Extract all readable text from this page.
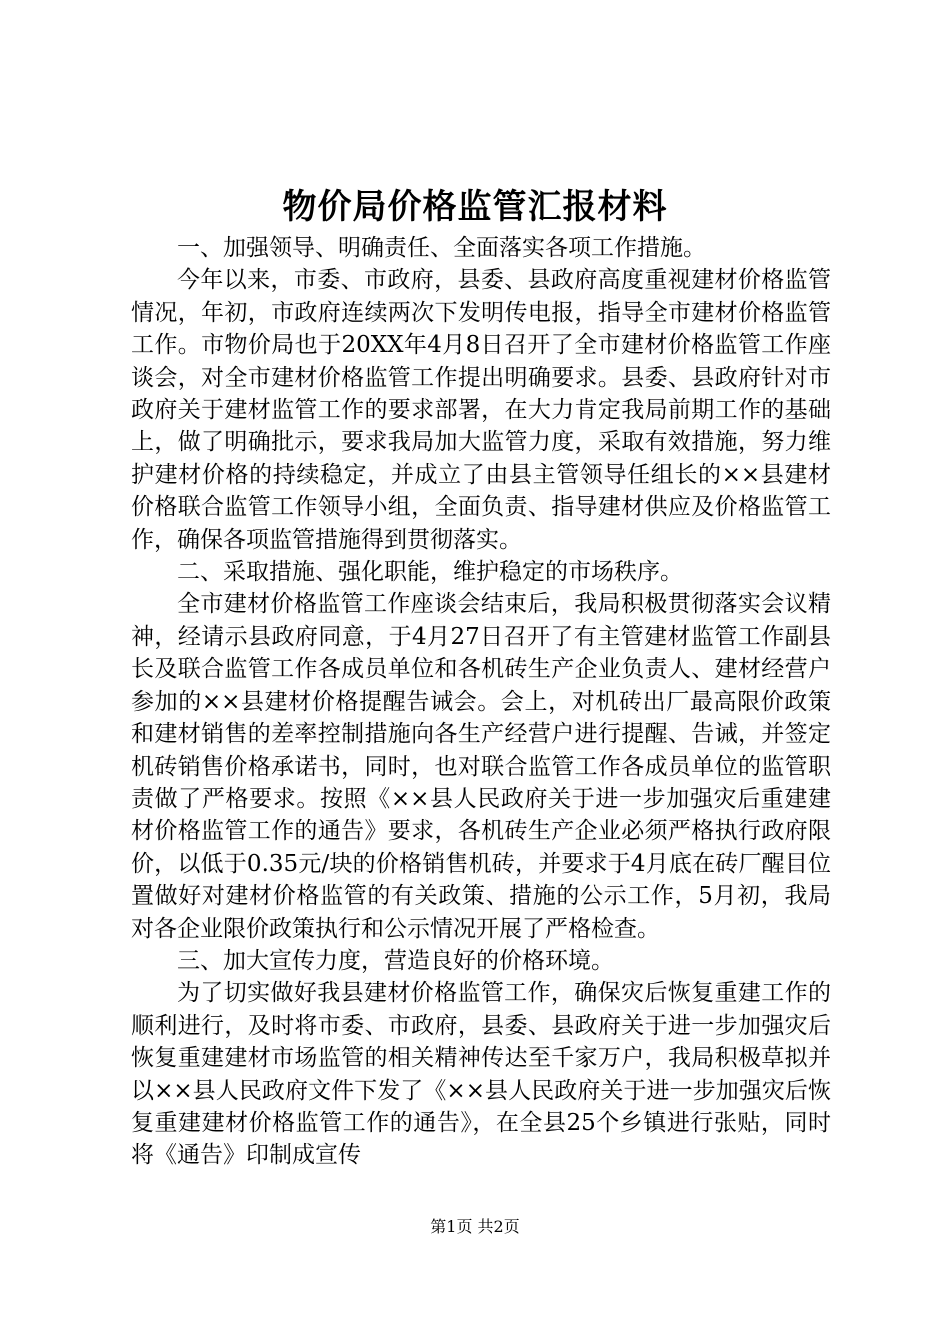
物价局价格监管汇报材料

一、加强领导、明确责任、全面落实各项工作措施。

今年以来，市委、市政府，县委、县政府高度重视建材价格监管情况，年初，市政府连续两次下发明传电报，指导全市建材价格监管工作。市物价局也于20XX年4月8日召开了全市建材价格监管工作座谈会，对全市建材价格监管工作提出明确要求。县委、县政府针对市政府关于建材监管工作的要求部署，在大力肯定我局前期工作的基础上，做了明确批示，要求我局加大监管力度，采取有效措施，努力维护建材价格的持续稳定，并成立了由县主管领导任组长的××县建材价格联合监管工作领导小组，全面负责、指导建材供应及价格监管工作，确保各项监管措施得到贯彻落实。

二、采取措施、强化职能，维护稳定的市场秩序。

全市建材价格监管工作座谈会结束后，我局积极贯彻落实会议精神，经请示县政府同意，于4月27日召开了有主管建材监管工作副县长及联合监管工作各成员单位和各机砖生产企业负责人、建材经营户参加的××县建材价格提醒告诫会。会上，对机砖出厂最高限价政策和建材销售的差率控制措施向各生产经营户进行提醒、告诫，并签定机砖销售价格承诺书，同时，也对联合监管工作各成员单位的监管职责做了严格要求。按照《××县人民政府关于进一步加强灾后重建建材价格监管工作的通告》要求，各机砖生产企业必须严格执行政府限价，以低于0.35元/块的价格销售机砖，并要求于4月底在砖厂醒目位置做好对建材价格监管的有关政策、措施的公示工作，5月初，我局对各企业限价政策执行和公示情况开展了严格检查。

三、加大宣传力度，营造良好的价格环境。

为了切实做好我县建材价格监管工作，确保灾后恢复重建工作的顺利进行，及时将市委、市政府，县委、县政府关于进一步加强灾后恢复重建建材市场监管的相关精神传达至千家万户，我局积极草拟并以××县人民政府文件下发了《××县人民政府关于进一步加强灾后恢复重建建材价格监管工作的通告》，在全县25个乡镇进行张贴，同时将《通告》印制成宣传

第1页 共2页
